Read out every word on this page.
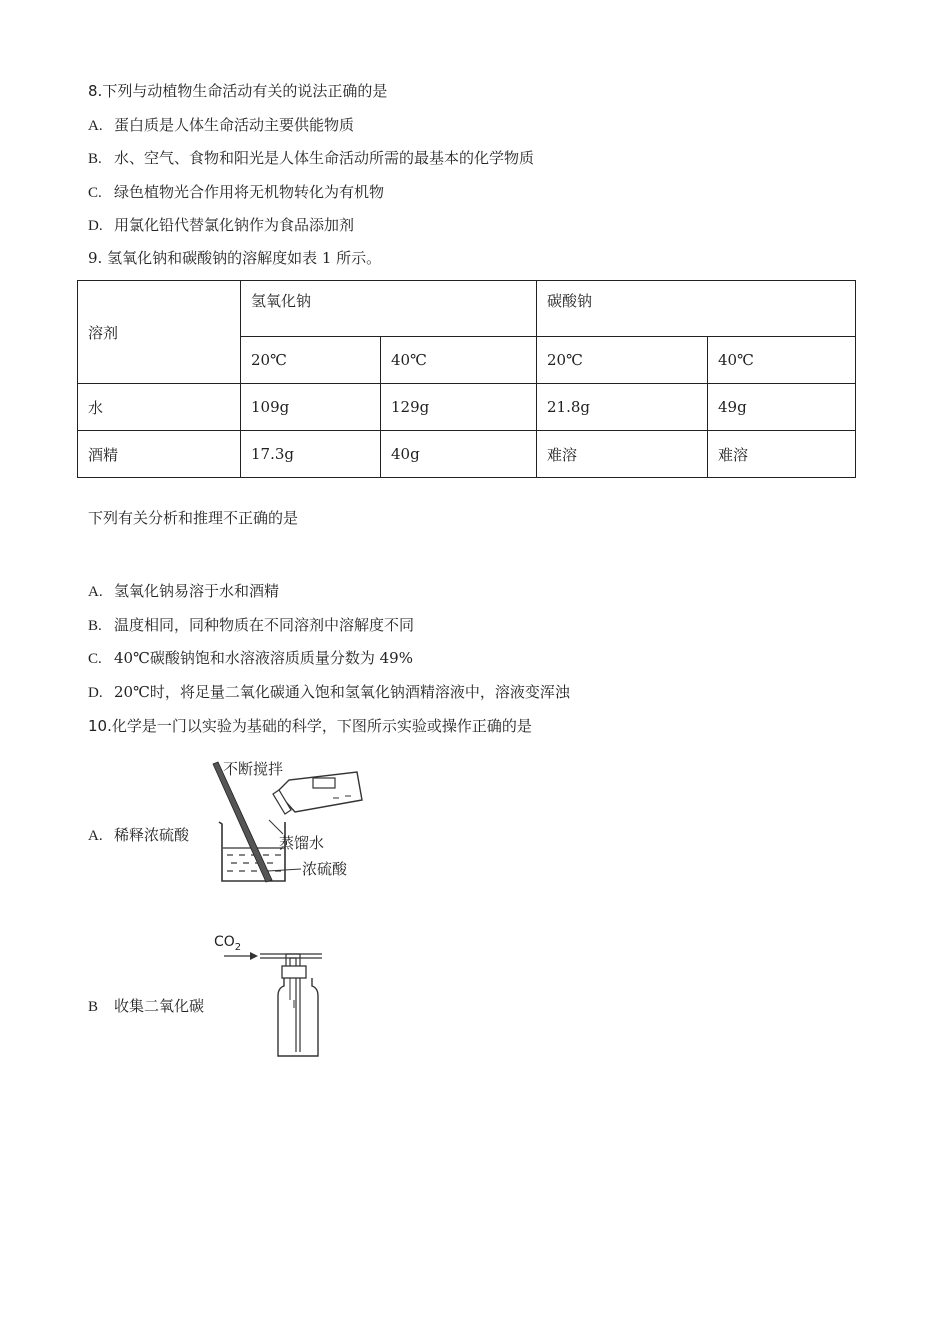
8.下列与动植物生命活动有关的说法正确的是
A. 蛋白质是人体生命活动主要供能物质
B. 水、空气、食物和阳光是人体生命活动所需的最基本的化学物质
C. 绿色植物光合作用将无机物转化为有机物
D. 用氯化铅代替氯化钠作为食品添加剂
9. 氢氧化钠和碳酸钠的溶解度如表 1 所示。
溶剂	氢氧化钠		碳酸钠	
	20℃	40℃	20℃	40℃
水	109g	129g	21.8g	49g
酒精	17.3g	40g	难溶	难溶
下列有关分析和推理不正确的是
A. 氢氧化钠易溶于水和酒精
B. 温度相同，同种物质在不同溶剂中溶解度不同
C. 40℃碳酸钠饱和水溶液溶质质量分数为 49%
D. 20℃时，将足量二氧化碳通入饱和氢氧化钠酒精溶液中，溶液变浑浊
10.化学是一门以实验为基础的科学，下图所示实验或操作正确的是
A. 稀释浓硫酸
不断搅拌
蒸馏水
浓硫酸
B 收集二氧化碳
$CO_2$
